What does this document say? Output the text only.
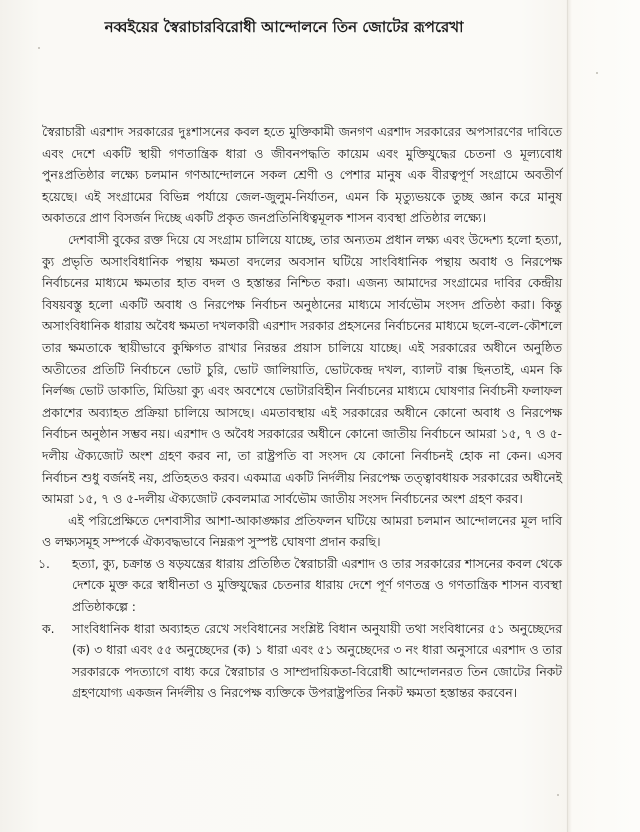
নব্বইয়ের স্বৈরাচারবিরোধী আন্দোলনে তিন জোটের রূপরেখা

স্বৈরাচারী এরশাদ সরকারের দুঃশাসনের কবল হতে মুক্তিকামী জনগণ এরশাদ সরকারের অপসারণের দাবিতে এবং দেশে একটি স্থায়ী গণতান্ত্রিক ধারা ও জীবনপদ্ধতি কায়েম এবং মুক্তিযুদ্ধের চেতনা ও মূল্যবোধ পুনঃপ্রতিষ্ঠার লক্ষ্যে চলমান গণআন্দোলনে সকল শ্রেণী ও পেশার মানুষ এক বীরত্বপূর্ণ সংগ্রামে অবতীর্ণ হয়েছে। এই সংগ্রামের বিভিন্ন পর্যায়ে জেল-জুলুম-নির্যাতন, এমন কি মৃত্যুভয়কে তুচ্ছ জ্ঞান করে মানুষ অকাতরে প্রাণ বিসর্জন দিচ্ছে একটি প্রকৃত জনপ্রতিনিধিত্বমূলক শাসন ব্যবস্থা প্রতিষ্ঠার লক্ষ্যে।

দেশবাসী বুকের রক্ত দিয়ে যে সংগ্রাম চালিয়ে যাচ্ছে, তার অন্যতম প্রধান লক্ষ্য এবং উদ্দেশ্য হলো হত্যা, ক্যু প্রভৃতি অসাংবিধানিক পন্থায় ক্ষমতা বদলের অবসান ঘটিয়ে সাংবিধানিক পন্থায় অবাধ ও নিরপেক্ষ নির্বাচনের মাধ্যমে ক্ষমতার হাত বদল ও হস্তান্তর নিশ্চিত করা। এজন্য আমাদের সংগ্রামের দাবির কেন্দ্রীয় বিষয়বস্তু হলো একটি অবাধ ও নিরপেক্ষ নির্বাচন অনুষ্ঠানের মাধ্যমে সার্বভৌম সংসদ প্রতিষ্ঠা করা। কিন্তু অসাংবিধানিক ধারায় অবৈধ ক্ষমতা দখলকারী এরশাদ সরকার প্রহসনের নির্বাচনের মাধ্যমে ছলে-বলে-কৌশলে তার ক্ষমতাকে স্থায়ীভাবে কুক্ষিগত রাখার নিরন্তর প্রয়াস চালিয়ে যাচ্ছে। এই সরকারের অধীনে অনুষ্ঠিত অতীতের প্রতিটি নির্বাচনে ভোট চুরি, ভোট জালিয়াতি, ভোটকেন্দ্র দখল, ব্যালট বাক্স ছিনতাই, এমন কি নির্লজ্জ ভোট ডাকাতি, মিডিয়া ক্যু এবং অবশেষে ভোটারবিহীন নির্বাচনের মাধ্যমে ঘোষণার নির্বাচনী ফলাফল প্রকাশের অব্যাহত প্রক্রিয়া চালিয়ে আসছে। এমতাবস্থায় এই সরকারের অধীনে কোনো অবাধ ও নিরপেক্ষ নির্বাচন অনুষ্ঠান সম্ভব নয়। এরশাদ ও অবৈধ সরকারের অধীনে কোনো জাতীয় নির্বাচনে আমরা ১৫, ৭ ও ৫-দলীয় ঐক্যজোট অংশ গ্রহণ করব না, তা রাষ্ট্রপতি বা সংসদ যে কোনো নির্বাচনই হোক না কেন। এসব নির্বাচন শুধু বর্জনই নয়, প্রতিহতও করব। একমাত্র একটি নির্দলীয় নিরপেক্ষ তত্ত্বাবধায়ক সরকারের অধীনেই আমরা ১৫, ৭ ও ৫-দলীয় ঐক্যজোট কেবলমাত্র সার্বভৌম জাতীয় সংসদ নির্বাচনের অংশ গ্রহণ করব।

এই পরিপ্রেক্ষিতে দেশবাসীর আশা-আকাঙ্ক্ষার প্রতিফলন ঘটিয়ে আমরা চলমান আন্দোলনের মূল দাবি ও লক্ষ্যসমূহ সম্পর্কে ঐক্যবদ্ধভাবে নিম্নরূপ সুস্পষ্ট ঘোষণা প্রদান করছি।

১. হত্যা, ক্যু, চক্রান্ত ও ষড়যন্ত্রের ধারায় প্রতিষ্ঠিত স্বৈরাচারী এরশাদ ও তার সরকারের শাসনের কবল থেকে দেশকে মুক্ত করে স্বাধীনতা ও মুক্তিযুদ্ধের চেতনার ধারায় দেশে পূর্ণ গণতন্ত্র ও গণতান্ত্রিক শাসন ব্যবস্থা প্রতিষ্ঠাকল্পে :
ক. সাংবিধানিক ধারা অব্যাহত রেখে সংবিধানের সংশ্লিষ্ট বিধান অনুযায়ী তথা সংবিধানের ৫১ অনুচ্ছেদের (ক) ৩ ধারা এবং ৫৫ অনুচ্ছেদের (ক) ১ ধারা এবং ৫১ অনুচ্ছেদের ৩ নং ধারা অনুসারে এরশাদ ও তার সরকারকে পদত্যাগে বাধ্য করে স্বৈরাচার ও সাম্প্রদায়িকতা-বিরোধী আন্দোলনরত তিন জোটের নিকট গ্রহণযোগ্য একজন নির্দলীয় ও নিরপেক্ষ ব্যক্তিকে উপরাষ্ট্রপতির নিকট ক্ষমতা হস্তান্তর করবেন।
